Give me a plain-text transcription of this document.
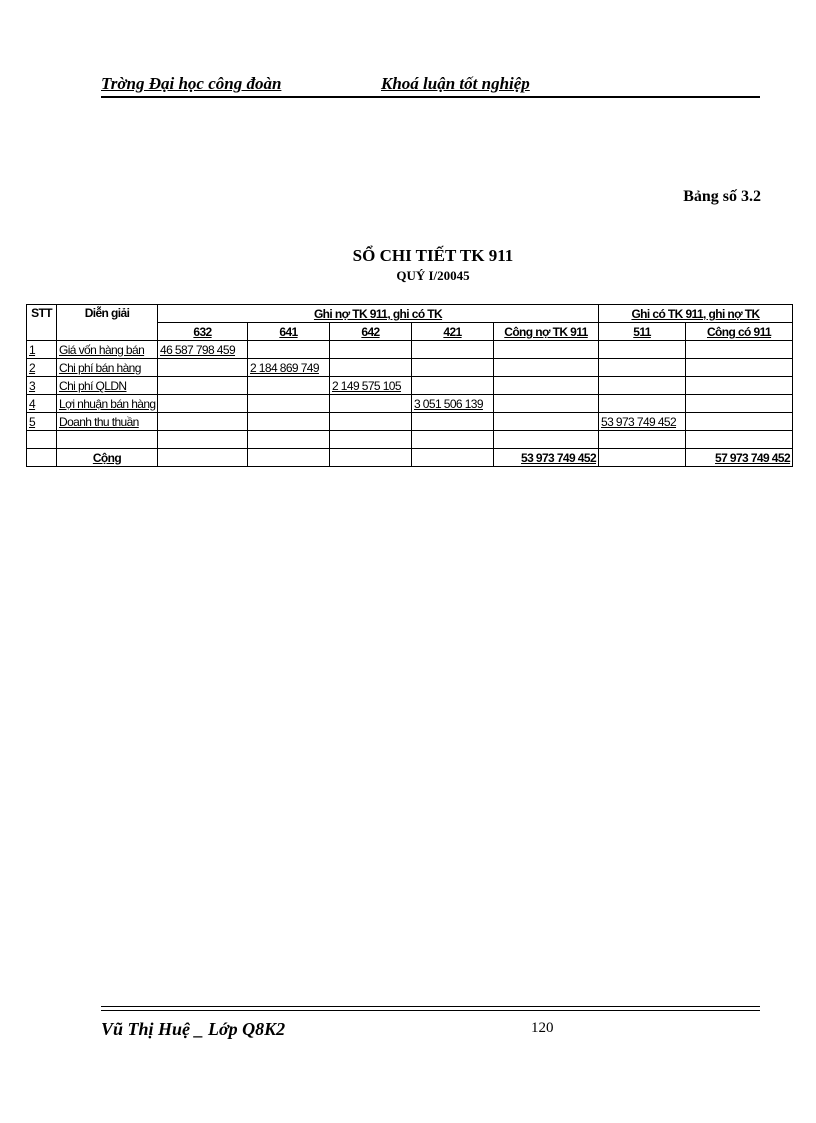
Trờng Đại học công đoàn	Khoá luận tốt nghiệp
Bảng số 3.2
SỔ CHI TIẾT TK 911
QUÝ I/20045
STT	Diễn giải	Ghi nợ TK 911, ghi có TK					Ghi có TK 911, ghi nợ TK	
		632	641	642	421	Công nợ TK 911	511	Công có 911
1	Giá vốn hàng bán	46 587 798 459						
2	Chi phí bán hàng		2 184 869 749					
3	Chi phí QLDN			2 149 575 105				
4	Lợi nhuận bán hàng				3 051 506 139			
5	Doanh thu thuần						53 973 749 452	

	Cộng					53 973 749 452		57 973 749 452
Vũ Thị Huệ _ Lớp Q8K2	120
